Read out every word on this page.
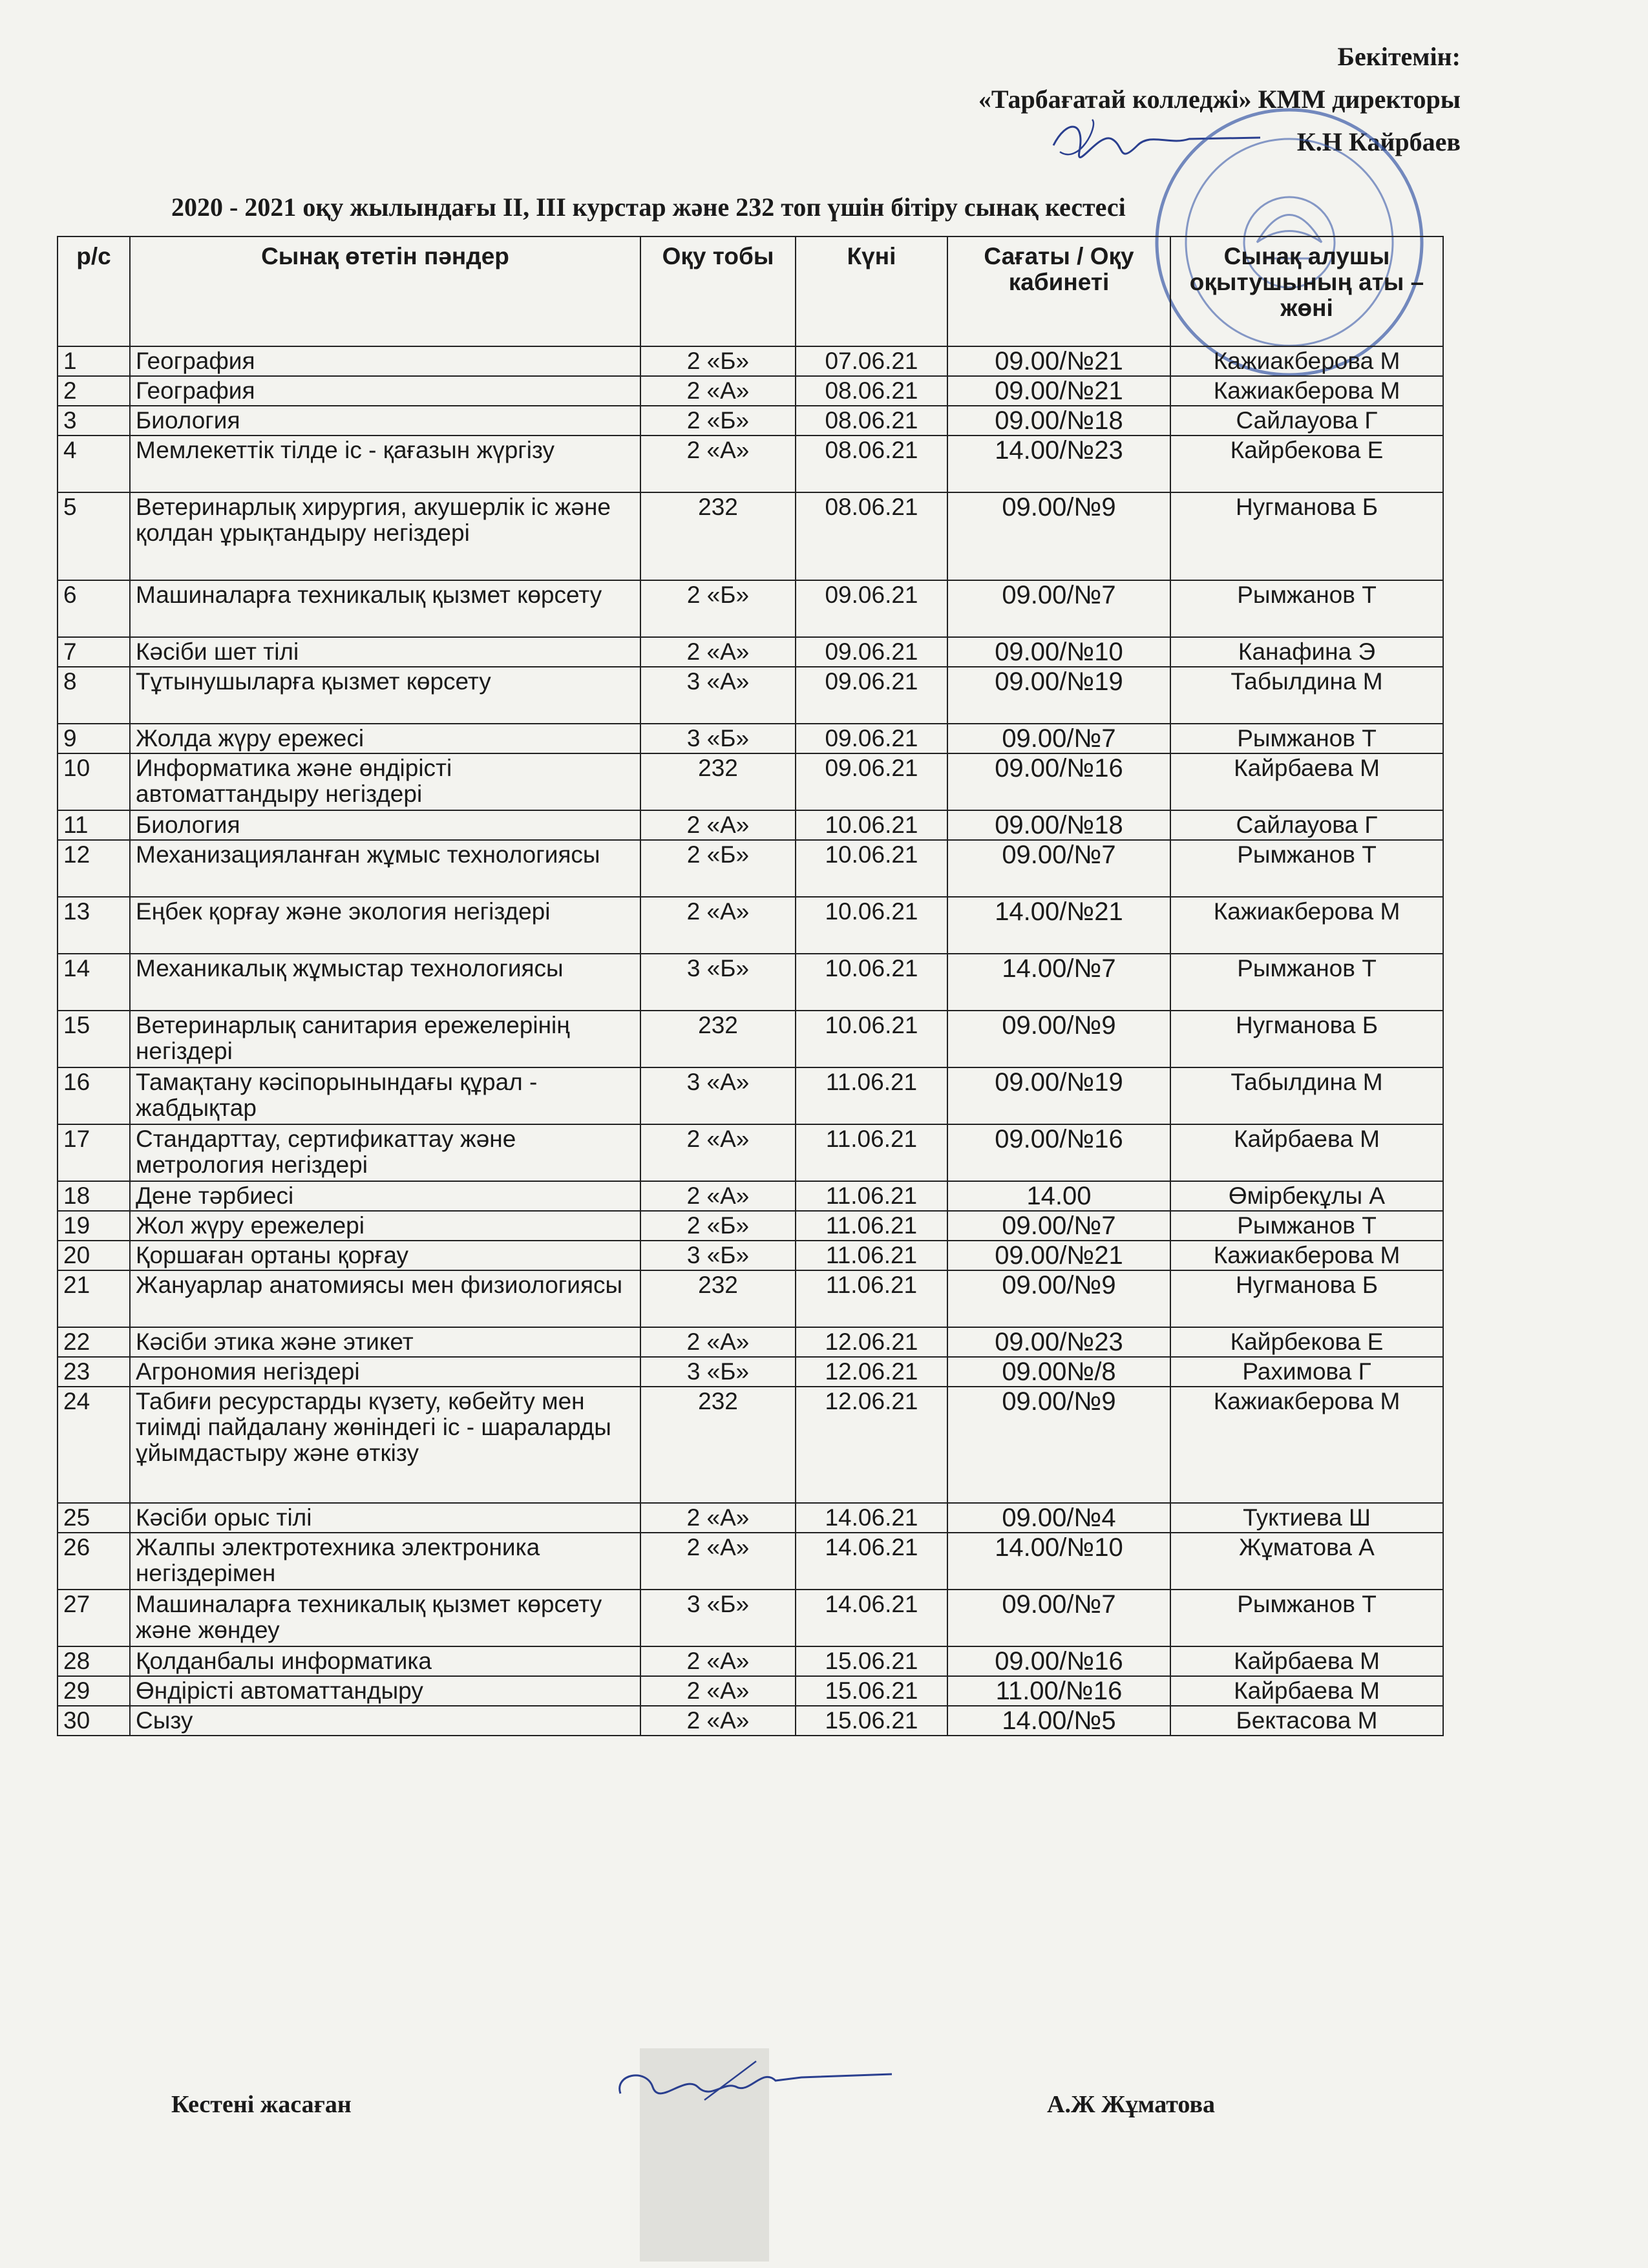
Бекітемін:
«Тарбағатай колледжі» КММ директоры
К.Н Кайрбаев
2020 - 2021 оқу жылындағы II, III курстар және 232 топ үшін бітіру сынақ кестесі
р/с	Сынақ өтетін пәндер	Оқу тобы	Күні	Сағаты / Оқу кабинеті	Сынақ алушы оқытушының аты – жөні
1	География	2 «Б»	07.06.21	09.00/№21	Кажиакберова М
2	География	2 «А»	08.06.21	09.00/№21	Кажиакберова М
3	Биология	2 «Б»	08.06.21	09.00/№18	Сайлауова Г
4	Мемлекеттік тілде іс - қағазын жүргізу	2 «А»	08.06.21	14.00/№23	Кайрбекова Е
5	Ветеринарлық хирургия, акушерлік іс және қолдан ұрықтандыру негіздері	232	08.06.21	09.00/№9	Нугманова Б
6	Машиналарға техникалық қызмет көрсету	2 «Б»	09.06.21	09.00/№7	Рымжанов Т
7	Кәсіби шет тілі	2 «А»	09.06.21	09.00/№10	Канафина Э
8	Тұтынушыларға қызмет көрсету	3 «А»	09.06.21	09.00/№19	Табылдина М
9	Жолда жүру ережесі	3 «Б»	09.06.21	09.00/№7	Рымжанов Т
10	Информатика және өндірісті автоматтандыру негіздері	232	09.06.21	09.00/№16	Кайрбаева М
11	Биология	2 «А»	10.06.21	09.00/№18	Сайлауова Г
12	Механизацияланған жұмыс технологиясы	2 «Б»	10.06.21	09.00/№7	Рымжанов Т
13	Еңбек қорғау және экология негіздері	2 «А»	10.06.21	14.00/№21	Кажиакберова М
14	Механикалық жұмыстар технологиясы	3 «Б»	10.06.21	14.00/№7	Рымжанов Т
15	Ветеринарлық санитария ережелерінің негіздері	232	10.06.21	09.00/№9	Нугманова Б
16	Тамақтану кәсіпорынындағы құрал - жабдықтар	3 «А»	11.06.21	09.00/№19	Табылдина М
17	Стандарттау, сертификаттау және метрология негіздері	2 «А»	11.06.21	09.00/№16	Кайрбаева М
18	Дене тәрбиесі	2 «А»	11.06.21	14.00	Өмірбекұлы А
19	Жол жүру ережелері	2 «Б»	11.06.21	09.00/№7	Рымжанов Т
20	Қоршаған ортаны қорғау	3 «Б»	11.06.21	09.00/№21	Кажиакберова М
21	Жануарлар анатомиясы мен физиологиясы	232	11.06.21	09.00/№9	Нугманова Б
22	Кәсіби этика және этикет	2 «А»	12.06.21	09.00/№23	Кайрбекова Е
23	Агрономия негіздері	3 «Б»	12.06.21	09.00№/8	Рахимова Г
24	Табиғи ресурстарды күзету, көбейту мен тиімді пайдалану жөніндегі іс - шараларды ұйымдастыру және өткізу	232	12.06.21	09.00/№9	Кажиакберова М
25	Кәсіби орыс тілі	2 «А»	14.06.21	09.00/№4	Туктиева Ш
26	Жалпы электротехника электроника негіздерімен	2 «А»	14.06.21	14.00/№10	Жұматова А
27	Машиналарға техникалық қызмет көрсету және жөндеу	3 «Б»	14.06.21	09.00/№7	Рымжанов Т
28	Қолданбалы информатика	2 «А»	15.06.21	09.00/№16	Кайрбаева М
29	Өндірісті автоматтандыру	2 «А»	15.06.21	11.00/№16	Кайрбаева М
30	Сызу	2 «А»	15.06.21	14.00/№5	Бектасова М
Кестені жасаған	А.Ж Жұматова
